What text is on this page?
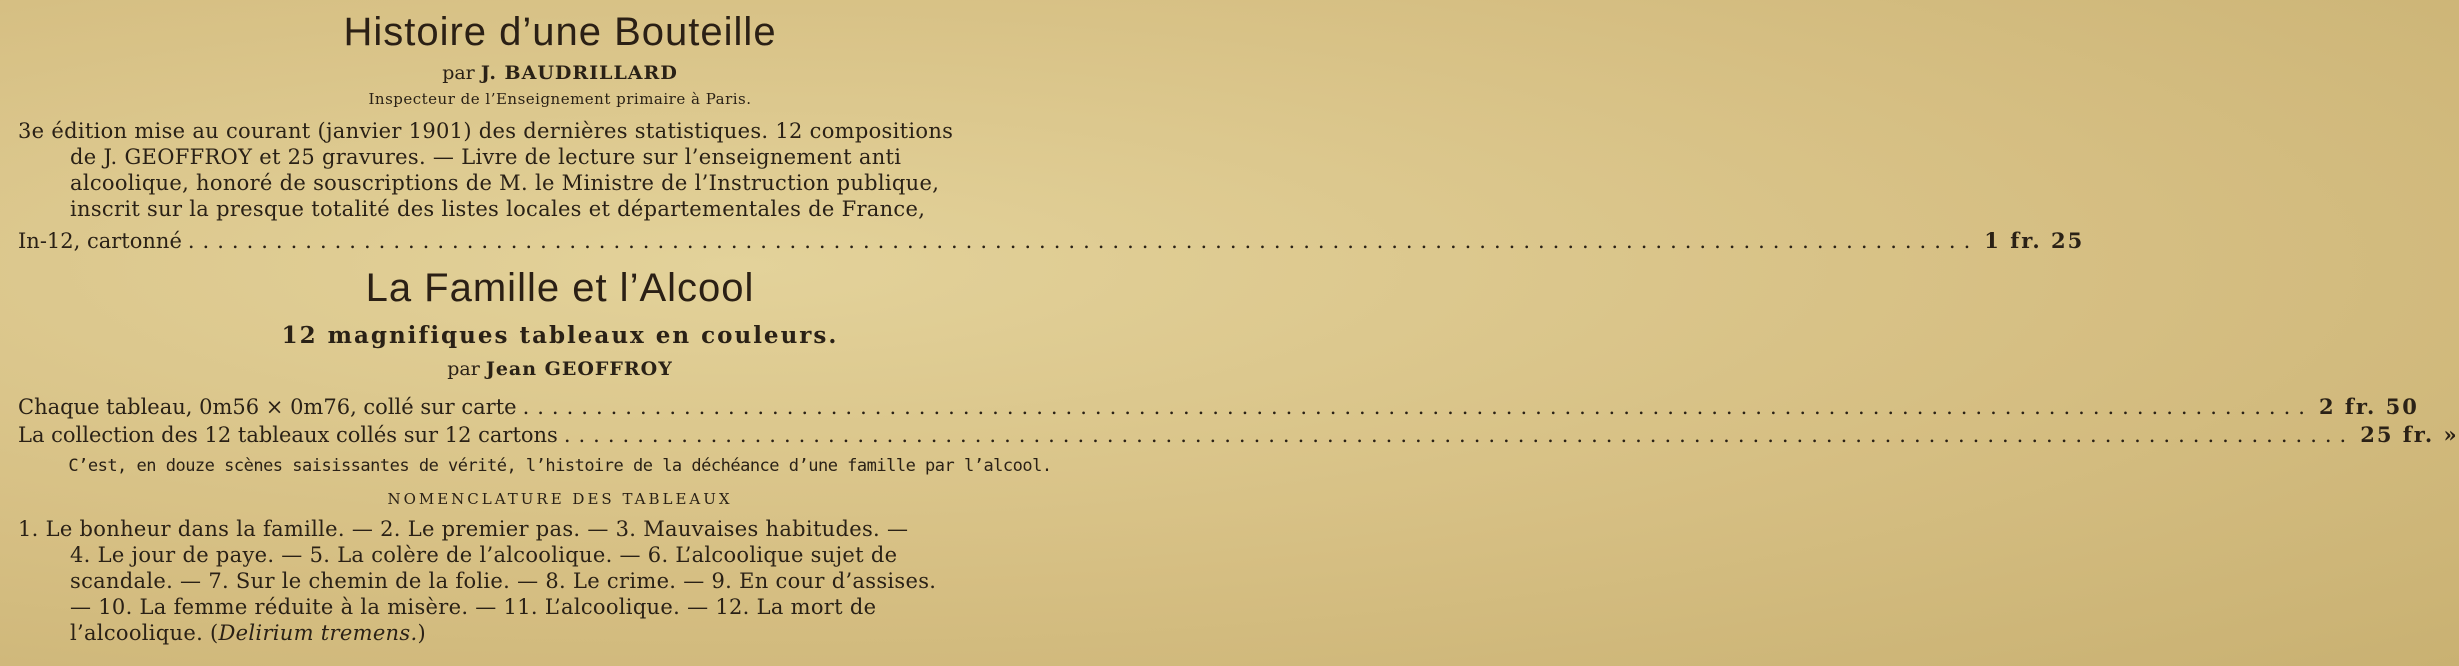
Histoire d’une Bouteille
par J. BAUDRILLARD
Inspecteur de l’Enseignement primaire à Paris.
3e édition mise au courant (janvier 1901) des dernières statistiques. 12 compositions
de J. GEOFFROY et 25 gravures. — Livre de lecture sur l’enseignement anti
alcoolique, honoré de souscriptions de M. le Ministre de l’Instruction publique,
inscrit sur la presque totalité des listes locales et départementales de France,
In-12, cartonné .......................................................................................................................... 1 fr. 25
La Famille et l’Alcool
12 magnifiques tableaux en couleurs.
par Jean GEOFFROY
Chaque tableau, 0m56 × 0m76, collé sur carte .......................................................................................................................... 2 fr. 50
La collection des 12 tableaux collés sur 12 cartons .......................................................................................................................... 25 fr. »
C’est, en douze scènes saisissantes de vérité, l’histoire de la déchéance d’une famille par l’alcool.
NOMENCLATURE DES TABLEAUX
1. Le bonheur dans la famille. — 2. Le premier pas. — 3. Mauvaises habitudes. —
4. Le jour de paye. — 5. La colère de l’alcoolique. — 6. L’alcoolique sujet de
scandale. — 7. Sur le chemin de la folie. — 8. Le crime. — 9. En cour d’assises.
— 10. La femme réduite à la misère. — 11. L’alcoolique. — 12. La mort de
l’alcoolique. (Delirium tremens.)
